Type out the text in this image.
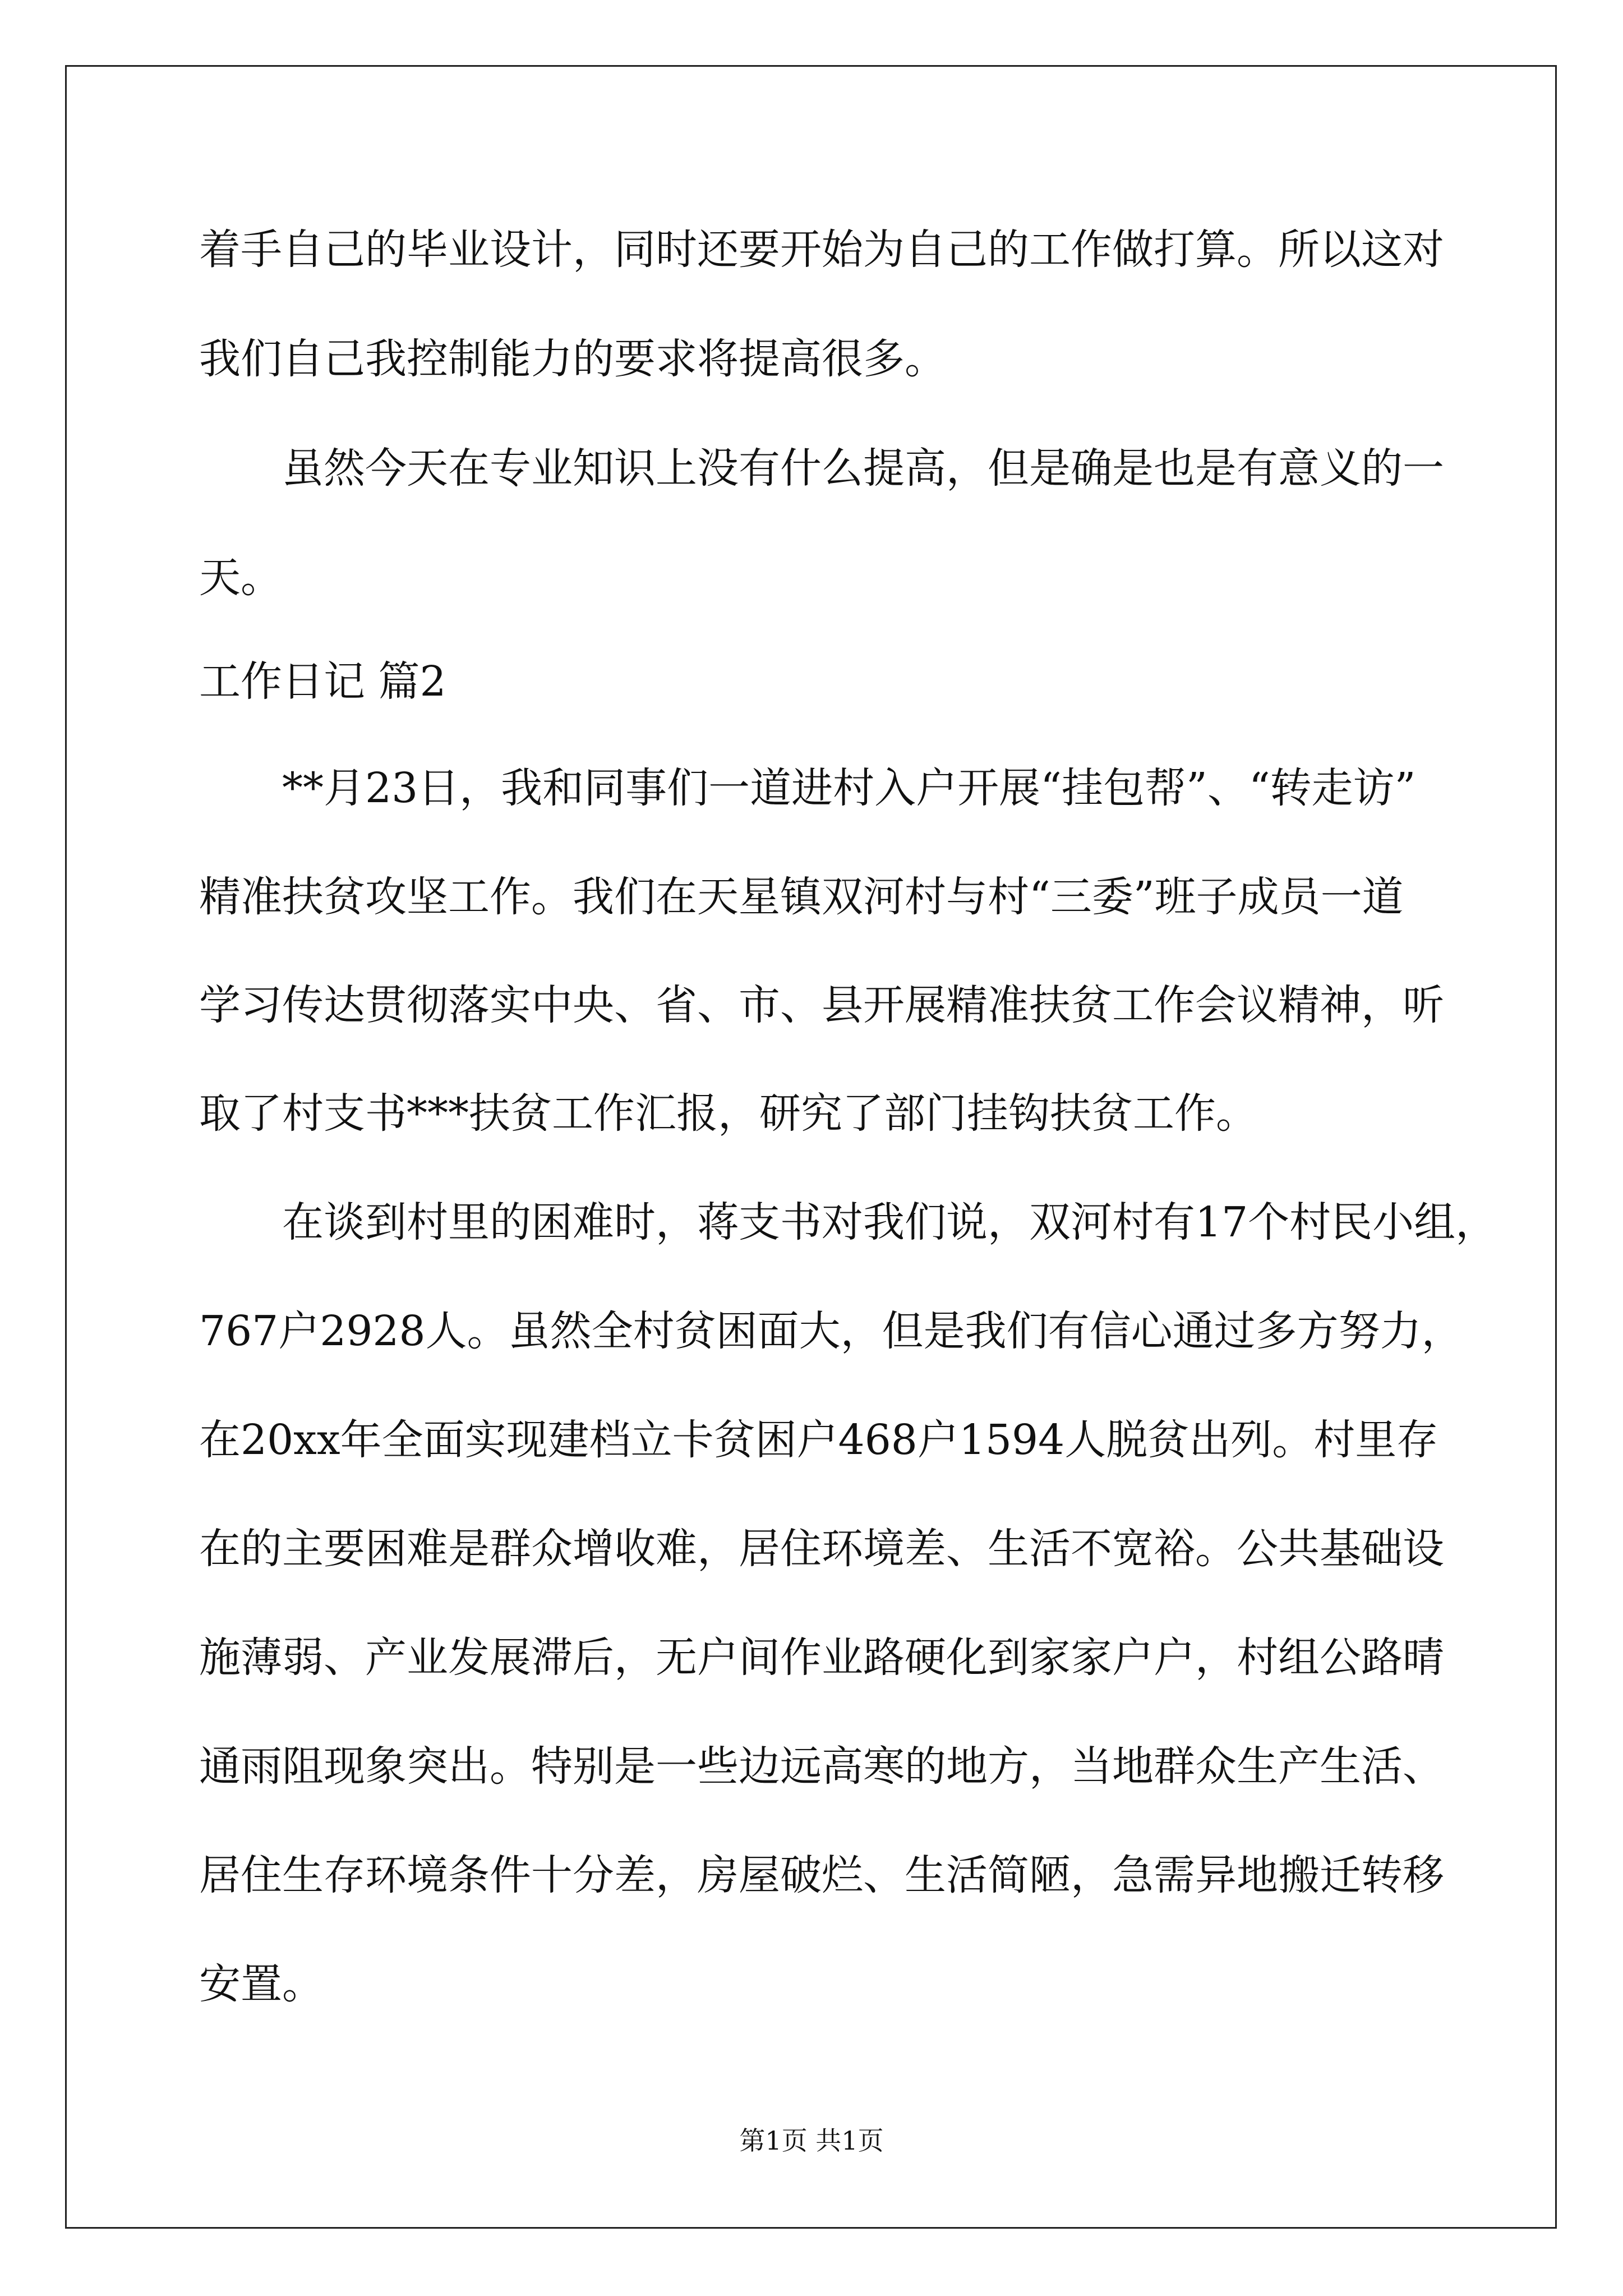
着手自己的毕业设计，同时还要开始为自己的工作做打算。所以这对
我们自己我控制能力的要求将提高很多。
虽然今天在专业知识上没有什么提高，但是确是也是有意义的一
天。
工作日记 篇2
**月23日，我和同事们一道进村入户开展“挂包帮”、“转走访”
精准扶贫攻坚工作。我们在天星镇双河村与村“三委”班子成员一道
学习传达贯彻落实中央、省、市、县开展精准扶贫工作会议精神，听
取了村支书***扶贫工作汇报，研究了部门挂钩扶贫工作。
在谈到村里的困难时，蒋支书对我们说，双河村有17个村民小组，
767户2928人。虽然全村贫困面大，但是我们有信心通过多方努力，
在20xx年全面实现建档立卡贫困户468户1594人脱贫出列。村里存
在的主要困难是群众增收难，居住环境差、生活不宽裕。公共基础设
施薄弱、产业发展滞后，无户间作业路硬化到家家户户，村组公路晴
通雨阻现象突出。特别是一些边远高寒的地方，当地群众生产生活、
居住生存环境条件十分差，房屋破烂、生活简陋，急需异地搬迁转移
安置。
第1页 共1页
